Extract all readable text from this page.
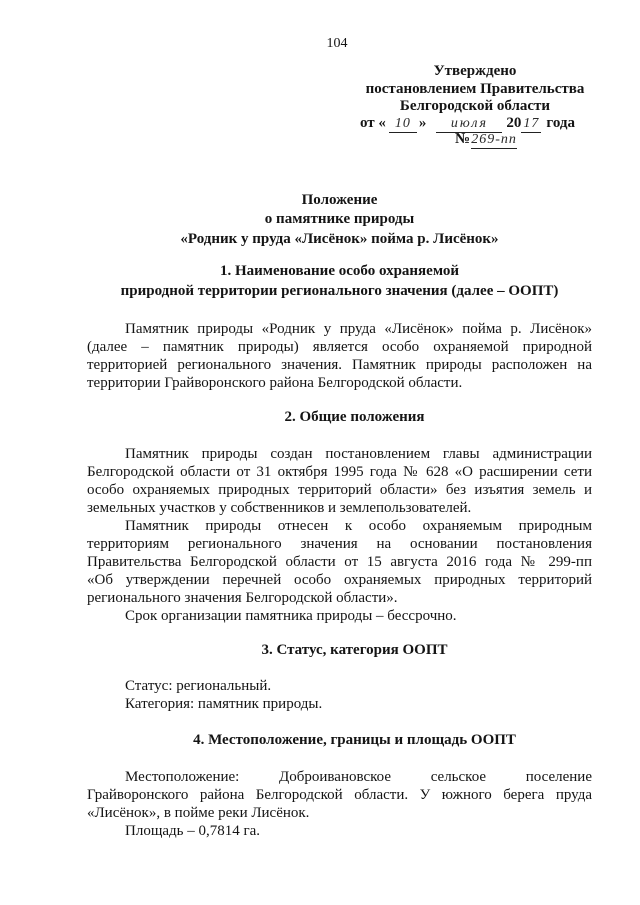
104
Утверждено
постановлением Правительства
Белгородской области
от « 10 »	июля	20 17 года
№ 269-пп
Положение
о памятнике природы
«Родник у пруда «Лисёнок» пойма р. Лисёнок»
1. Наименование особо охраняемой
природной территории регионального значения (далее – ООПТ)
Памятник природы «Родник у пруда «Лисёнок» пойма р. Лисёнок»
(далее – памятник природы) является особо охраняемой природной
территорией регионального значения. Памятник природы расположен на
территории Грайворонского района Белгородской области.
2. Общие положения
Памятник природы создан постановлением главы администрации
Белгородской области от 31 октября 1995 года № 628 «О расширении сети
особо охраняемых природных территорий области» без изъятия земель и
земельных участков у собственников и землепользователей.
Памятник природы отнесен к особо охраняемым природным
территориям регионального значения на основании постановления
Правительства Белгородской области от 15 августа 2016 года № 299-пп
«Об утверждении перечней особо охраняемых природных территорий
регионального значения Белгородской области».
Срок организации памятника природы – бессрочно.
3. Статус, категория ООПТ
Статус: региональный.
Категория: памятник природы.
4. Местоположение, границы и площадь ООПТ
Местоположение: Доброивановское сельское поселение
Грайворонского района Белгородской области. У южного берега пруда
«Лисёнок», в пойме реки Лисёнок.
Площадь – 0,7814 га.
